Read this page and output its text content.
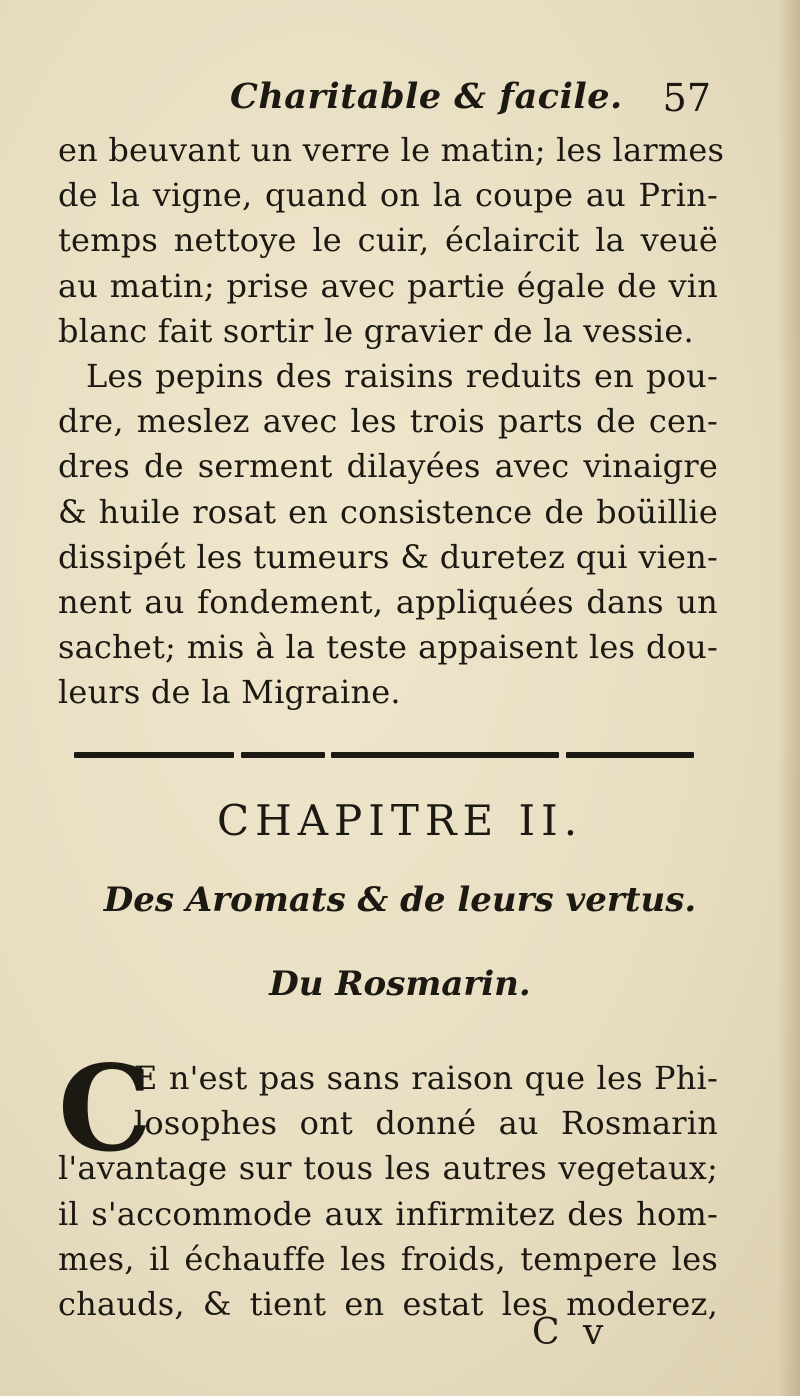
Charitable & facile. 57
en beuvant un verre le matin; les larmes
de la vigne, quand on la coupe au Prin-
temps nettoye le cuir, éclaircit la veuë
au matin; prise avec partie égale de vin
blanc fait sortir le gravier de la vessie.
Les pepins des raisins reduits en pou-
dre, meslez avec les trois parts de cen-
dres de serment dilayées avec vinaigre
& huile rosat en consistence de boüillie
dissipét les tumeurs & duretez qui vien-
nent au fondement, appliquées dans un
sachet; mis à la teste appaisent les dou-
leurs de la Migraine.
CHAPITRE II.
Des Aromats & de leurs vertus.
Du Rosmarin.
C
E n'est pas sans raison que les Phi-
losophes ont donné au Rosmarin
l'avantage sur tous les autres vegetaux;
il s'accommode aux infirmitez des hom-
mes, il échauffe les froids, tempere les
chauds, & tient en estat les moderez,
C v
